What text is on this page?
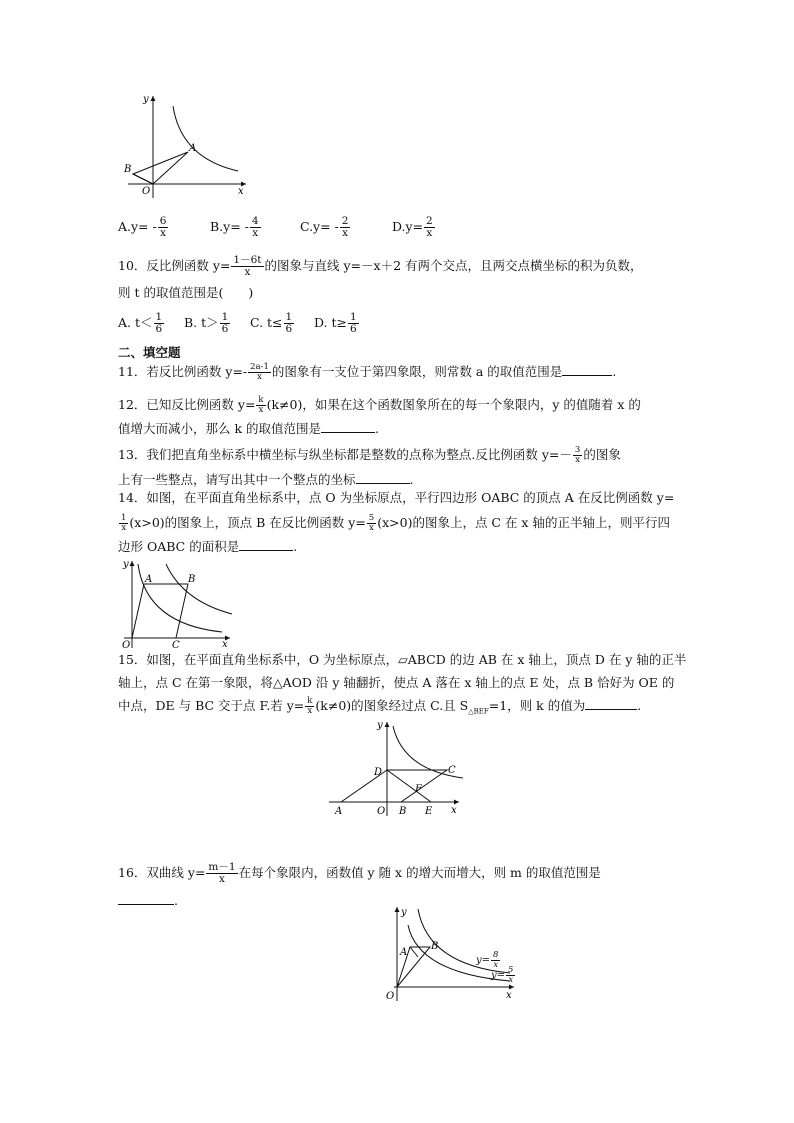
y
x
A
B
O
$A.y= - \frac{6}{x}$	$B.y= - \frac{4}{x}$	$C.y= - \frac{2}{x}$	$D.y= \frac{2}{x}$
10．反比例函数 $y= \frac{1-6t}{x}$ 的图象与直线 y=－x＋2 有两个交点，且两交点横坐标的积为负数，
则 t 的取值范围是(　　)
A. $t< \frac{1}{6} B$. $t> \frac{1}{6} C$. $t\le \frac{1}{6} D$. $t\ge \frac{1}{6}$
二、填空题
11．若反比例函数 $y=- \frac{2a-1}{x}$ 的图象有一支位于第四象限，则常数 a 的取值范围是	.
12．已知反比例函数 $y= \frac{k}{x} (k\ne 0)$，如果在这个函数图象所在的每一个象限内，y 的值随着 x 的
值增大而减小，那么 k 的取值范围是	.
13．我们把直角坐标系中横坐标与纵坐标都是整数的点称为整点.反比例函数 $y=- \frac{3}{x}$ 的图象
上有一些整点，请写出其中一个整点的坐标	.
14．如图，在平面直角坐标系中，点 O 为坐标原点，平行四边形 OABC 的顶点 A 在反比例函数 y=
$\frac{1}{x} (x>0)$的图象上，顶点 B 在反比例函数 $y= \frac{5}{x} (x>0)$的图象上，点 C 在 x 轴的正半轴上，则平行四
边形 OABC 的面积是	.
y
x
A	B
C
O
15．如图，在平面直角坐标系中，O 为坐标原点，▱ABCD 的边 AB 在 x 轴上，顶点 D 在 y 轴的正半
轴上，点 C 在第一象限，将△AOD 沿 y 轴翻折，使点 A 落在 x 轴上的点 E 处，点 B 恰好为 OE 的
中点，DE 与 BC 交于点 F.若 $y= \frac{k}{x} (k\ne 0)$的图象经过点 C.且 $S_{\triangle BEF}=1$，则 k 的值为	.
y
x
A	O B E
D	C
F
16．双曲线 $y= \frac{m-1}{x}$ 在每个象限内，函数值 y 随 x 的增大而增大，则 m 的取值范围是
.
y
x
A
B
O
$y= \frac{8}{x}$
$y= \frac{5}{x}$
